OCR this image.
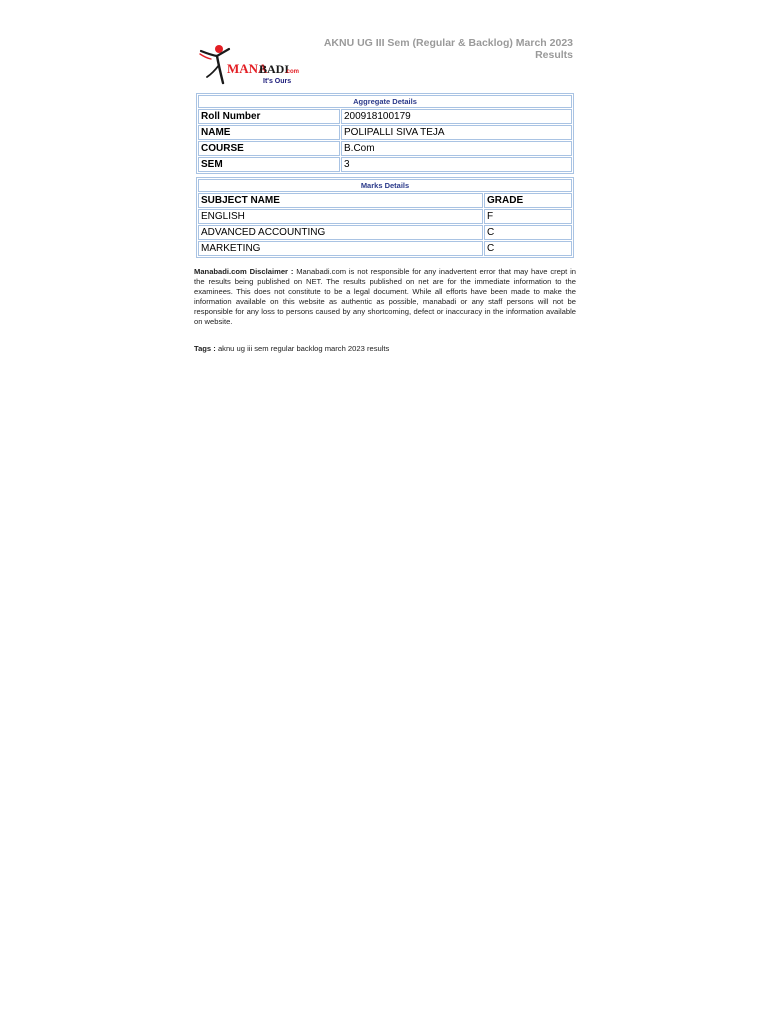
AKNU UG III Sem (Regular & Backlog) March 2023 Results
MANA
BADI
.com
It's Ours
Aggregate Details	
Roll Number	200918100179
NAME	POLIPALLI SIVA TEJA
COURSE	B.Com
SEM	3
Marks Details	
SUBJECT NAME	GRADE
ENGLISH	F
ADVANCED ACCOUNTING	C
MARKETING	C
Manabadi.com Disclaimer : Manabadi.com is not responsible for any inadvertent error that may have crept in the results being published on NET. The results published on net are for the immediate information to the examinees. This does not constitute to be a legal document. While all efforts have been made to make the information available on this website as authentic as possible, manabadi or any staff persons will not be responsible for any loss to persons caused by any shortcoming, defect or inaccuracy in the information available on website.
Tags : aknu ug iii sem regular backlog march 2023 results
